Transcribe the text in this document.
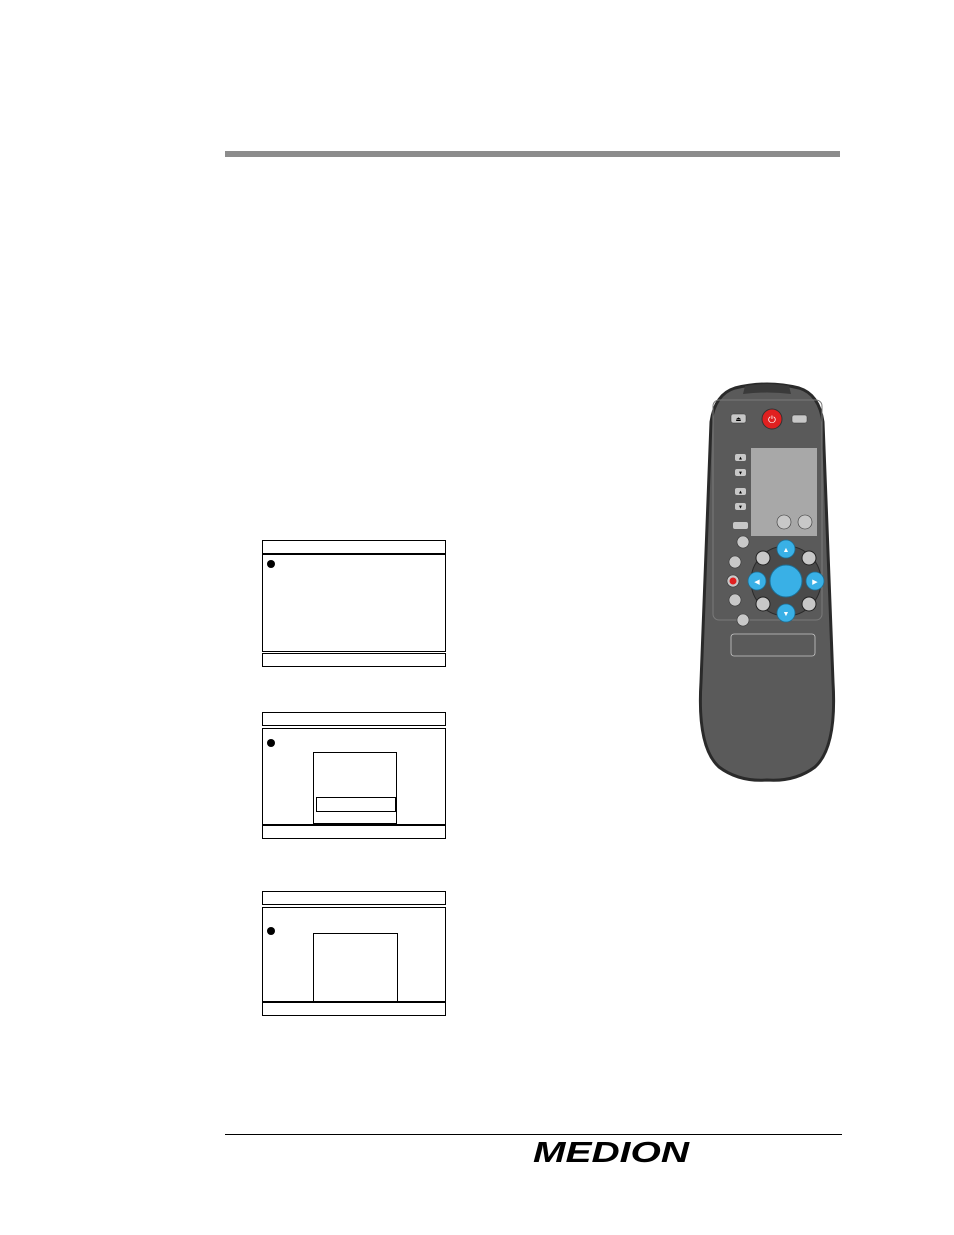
⏏	⏻
▲
▼
▲
▼
▲
▼
◀	▶
MEDION
